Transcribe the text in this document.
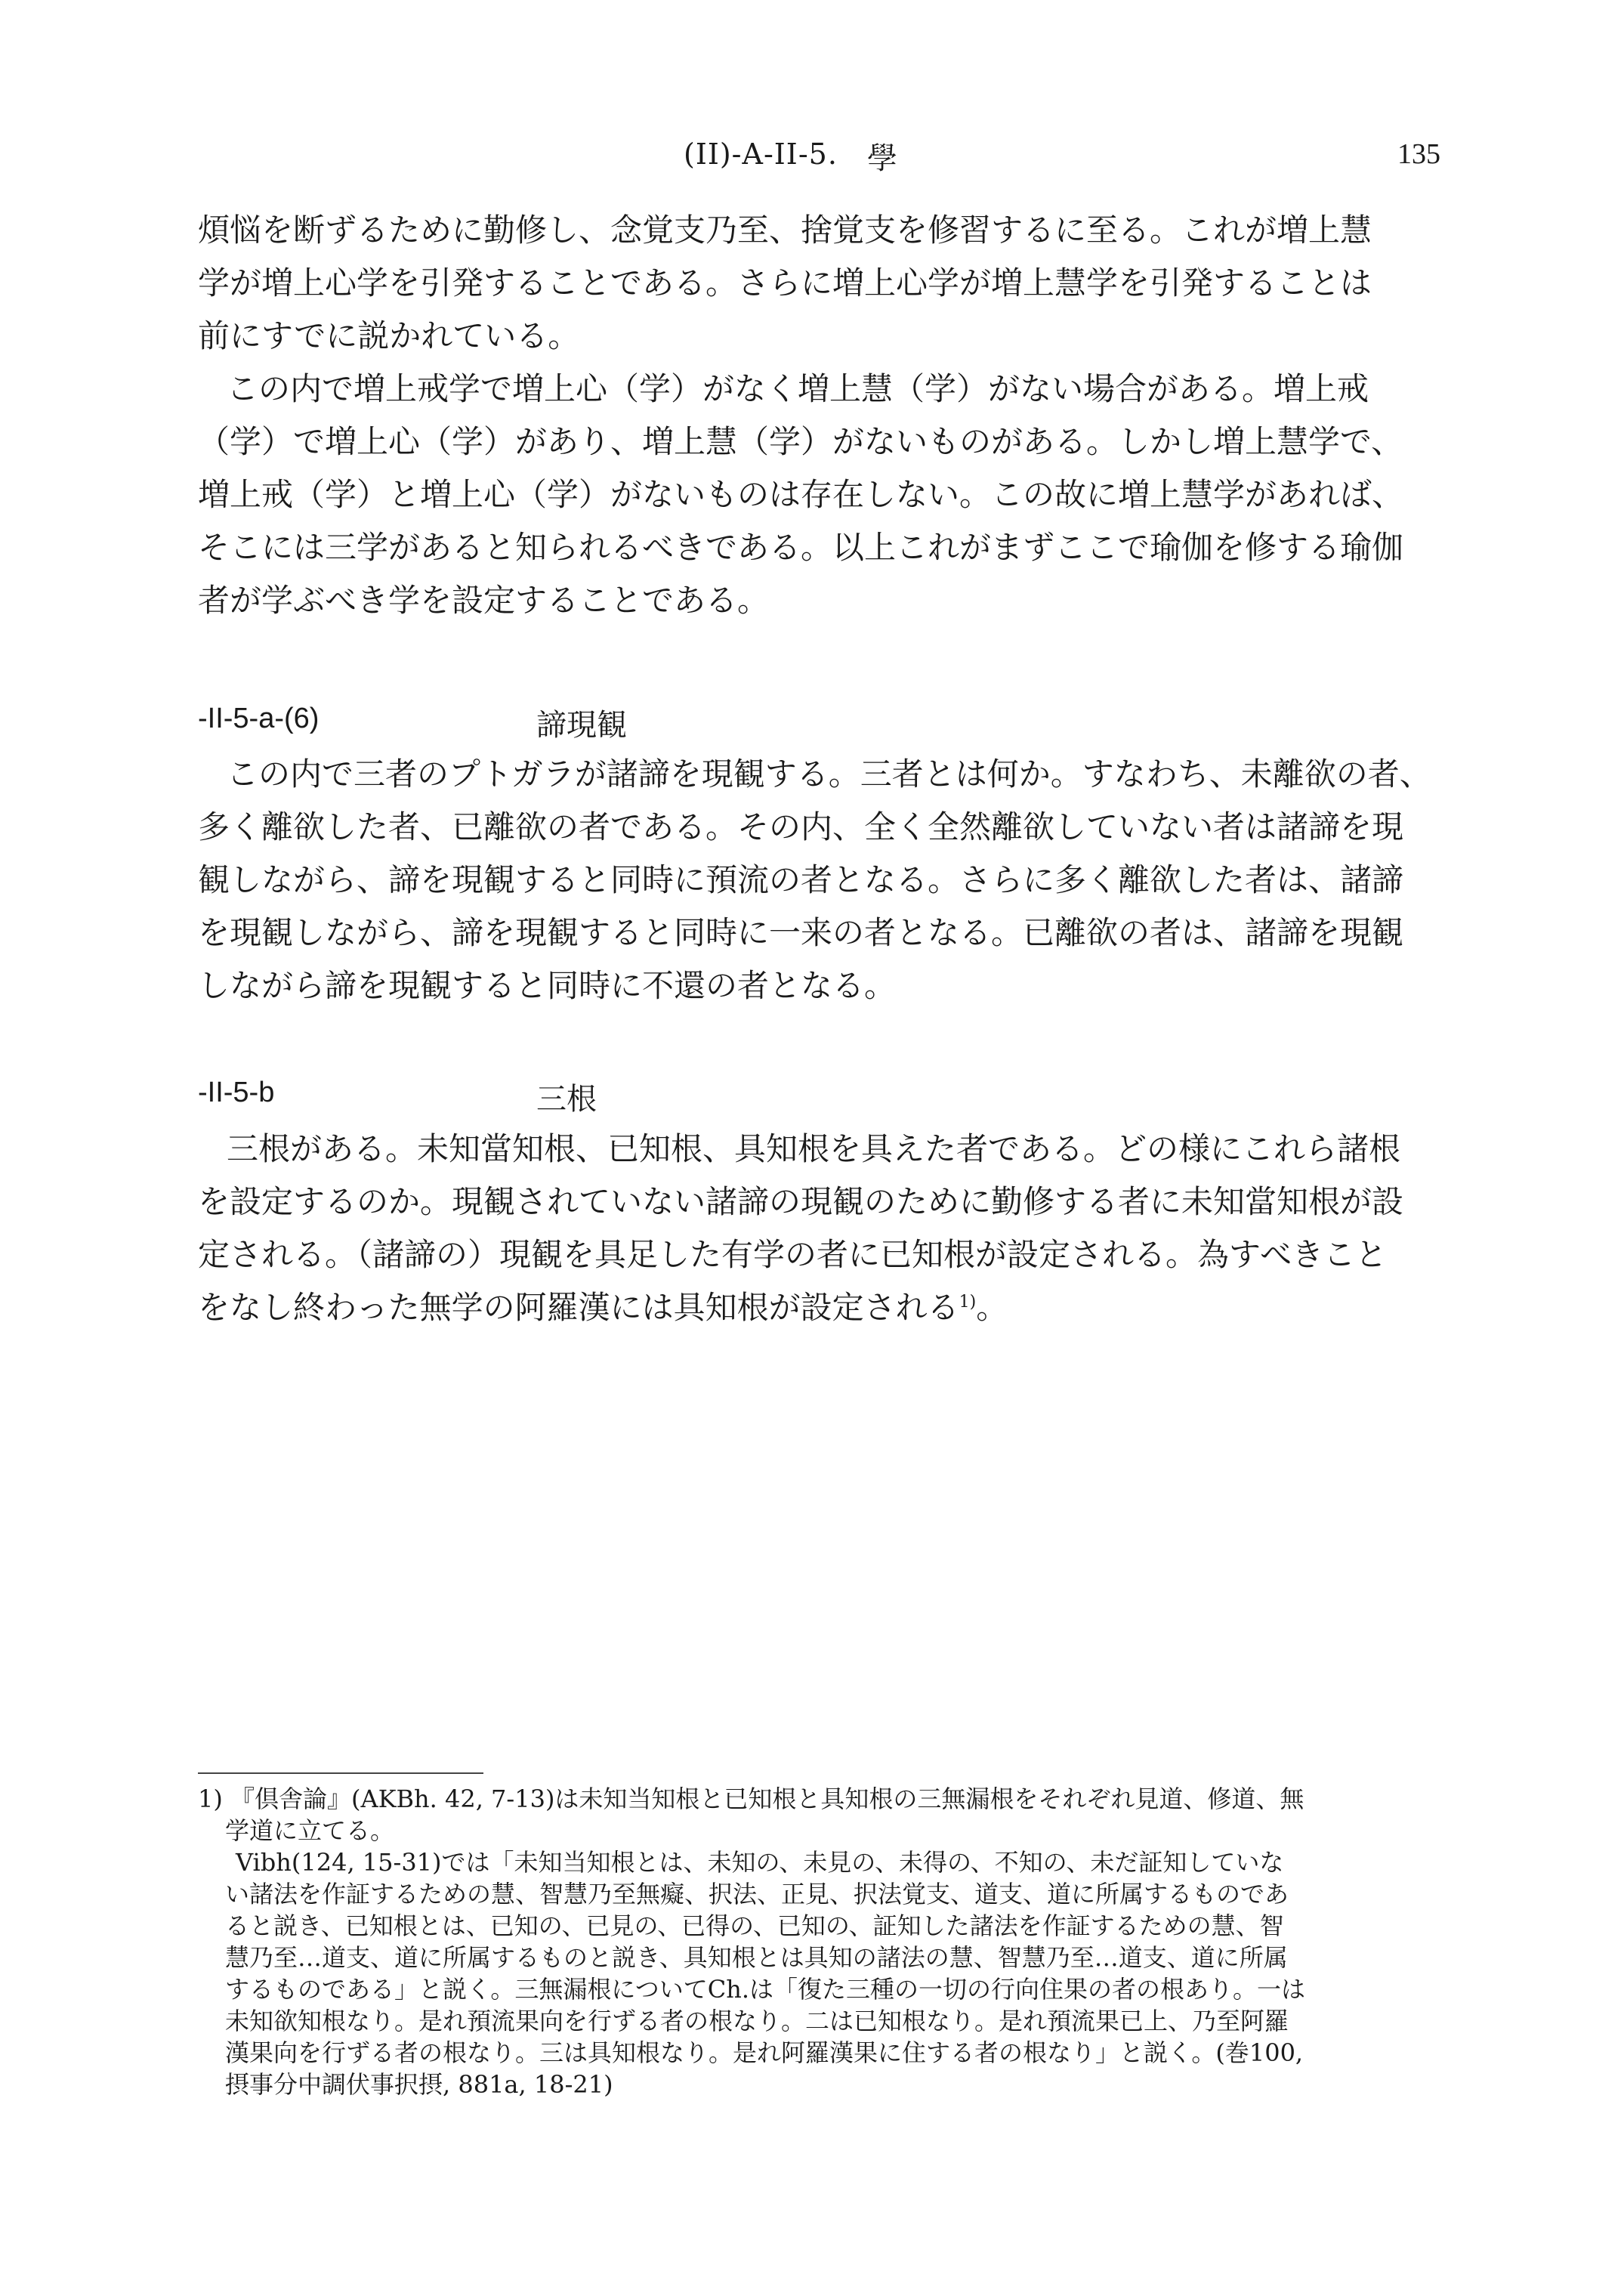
(II)-A-II-5. 學	135
煩悩を断ずるために勤修し、念覚支乃至、捨覚支を修習するに至る。これが増上慧
学が増上心学を引発することである。さらに増上心学が増上慧学を引発することは
前にすでに説かれている。
この内で増上戒学で増上心（学）がなく増上慧（学）がない場合がある。増上戒
（学）で増上心（学）があり、増上慧（学）がないものがある。しかし増上慧学で、
増上戒（学）と増上心（学）がないものは存在しない。この故に増上慧学があれば、
そこには三学があると知られるべきである。以上これがまずここで瑜伽を修する瑜伽
者が学ぶべき学を設定することである。
-II-5-a-(6)	諦現観
この内で三者のプトガラが諸諦を現観する。三者とは何か。すなわち、未離欲の者、
多く離欲した者、已離欲の者である。その内、全く全然離欲していない者は諸諦を現
観しながら、諦を現観すると同時に預流の者となる。さらに多く離欲した者は、諸諦
を現観しながら、諦を現観すると同時に一来の者となる。已離欲の者は、諸諦を現観
しながら諦を現観すると同時に不還の者となる。
-II-5-b	三根
三根がある。未知當知根、已知根、具知根を具えた者である。どの様にこれら諸根
を設定するのか。現観されていない諸諦の現観のために勤修する者に未知當知根が設
定される。（諸諦の）現観を具足した有学の者に已知根が設定される。為すべきこと
をなし終わった無学の阿羅漢には具知根が設定される$^{1)}$。
1) 『倶舎論』(AKBh. 42, 7-13)は未知当知根と已知根と具知根の三無漏根をそれぞれ見道、修道、無
学道に立てる。
Vibh(124, 15-31)では「未知当知根とは、未知の、未見の、未得の、不知の、未だ証知していな
い諸法を作証するための慧、智慧乃至無癡、択法、正見、択法覚支、道支、道に所属するものであ
ると説き、已知根とは、已知の、已見の、已得の、已知の、証知した諸法を作証するための慧、智
慧乃至…道支、道に所属するものと説き、具知根とは具知の諸法の慧、智慧乃至…道支、道に所属
するものである」と説く。三無漏根についてCh.は「復た三種の一切の行向住果の者の根あり。一は
未知欲知根なり。是れ預流果向を行ずる者の根なり。二は已知根なり。是れ預流果已上、乃至阿羅
漢果向を行ずる者の根なり。三は具知根なり。是れ阿羅漢果に住する者の根なり」と説く。(巻100,
摂事分中調伏事択摂, 881a, 18-21)
